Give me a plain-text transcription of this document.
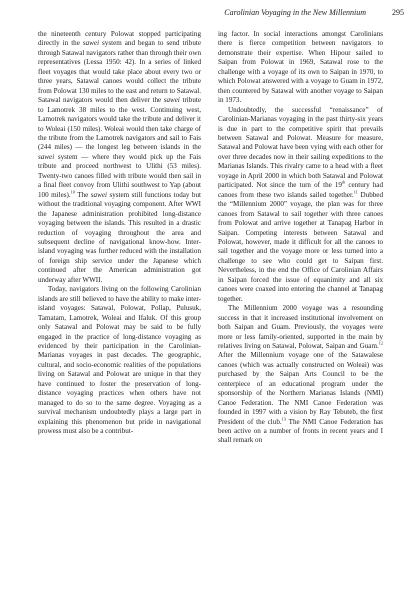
Carolinian Voyaging in the New Millennium	295

the nineteenth century Polowat stopped participating directly in the sawei system and began to send tribute through Satawal navigators rather than through their own representatives (Lessa 1950: 42). In a series of linked fleet voyages that would take place about every two or three years, Satawal canoes would collect the tribute from Polowat 130 miles to the east and return to Satawal. Satawal navigators would then deliver the sawei tribute to Lamotrek 38 miles to the west. Continuing west, Lamotrek navigators would take the tribute and deliver it to Woleai (150 miles). Woleai would then take charge of the tribute from the Lamotrek navigators and sail to Fais (244 miles) — the longest leg between islands in the sawei system — where they would pick up the Fais tribute and proceed northwest to Ulithi (53 miles). Twenty-two canoes filled with tribute would then sail in a final fleet convoy from Ulithi southwest to Yap (about 100 miles).$^{10}$ The sawei system still functions today but without the traditional voyaging component. After WWI the Japanese administration prohibited long-distance voyaging between the islands. This resulted in a drastic reduction of voyaging throughout the area and subsequent decline of navigational know-how. Inter-island voyaging was further reduced with the installation of foreign ship service under the Japanese which continued after the American administration got underway after WWII.

Today, navigators living on the following Carolinian islands are still believed to have the ability to make inter-island voyages: Satawal, Polowat, Pollap, Pulusuk, Tamatam, Lamotrek, Woleai and Ifaluk. Of this group only Satawal and Polowat may be said to be fully engaged in the practice of long-distance voyaging as evidenced by their participation in the Carolinian-Marianas voyages in past decades. The geographic, cultural, and socio-economic realities of the populations living on Satawal and Polowat are unique in that they have continued to foster the preservation of long-distance voyaging practices when others have not managed to do so to the same degree. Voyaging as a survival mechanism undoubtedly plays a large part in explaining this phenomenon but pride in navigational prowess must also be a contribut-

ing factor. In social interactions amongst Carolinians there is fierce competition between navigators to demonstrate their expertise. When Hipour sailed to Saipan from Polowat in 1969, Satawal rose to the challenge with a voyage of its own to Saipan in 1970, to which Polowat answered with a voyage to Guam in 1972, then countered by Satawal with another voyage to Saipan in 1973.

Undoubtedly, the successful “renaissance” of Carolinian-Marianas voyaging in the past thirty-six years is due in part to the competitive spirit that prevails between Satawal and Polowat. Measure for measure, Satawal and Polowat have been vying with each other for over three decades now in their sailing expeditions to the Marianas Islands. This rivalry came to a head with a fleet voyage in April 2000 in which both Satawal and Polowat participated. Not since the turn of the 19th century had canoes from these two islands sailed together.$^{11}$ Dubbed the “Millennium 2000” voyage, the plan was for three canoes from Satawal to sail together with three canoes from Polowat and arrive together at Tanapag Harbor in Saipan. Competing interests between Satawal and Polowat, however, made it difficult for all the canoes to sail together and the voyage more or less turned into a challenge to see who could get to Saipan first. Nevertheless, in the end the Office of Carolinian Affairs in Saipan forced the issue of equanimity and all six canoes were coaxed into entering the channel at Tanapag together.

The Millennium 2000 voyage was a resounding success in that it increased institutional involvement on both Saipan and Guam. Previously, the voyages were more or less family-oriented, supported in the main by relatives living on Satawal, Polowat, Saipan and Guam.$^{12}$ After the Millennium voyage one of the Satawalese canoes (which was actually constructed on Woleai) was purchased by the Saipan Arts Council to be the centerpiece of an educational program under the sponsorship of the Northern Marianas Islands (NMI) Canoe Federation. The NMI Canoe Federation was founded in 1997 with a vision by Ray Tebuteb, the first President of the club.$^{13}$ The NMI Canoe Federation has been active on a number of fronts in recent years and I shall remark on
